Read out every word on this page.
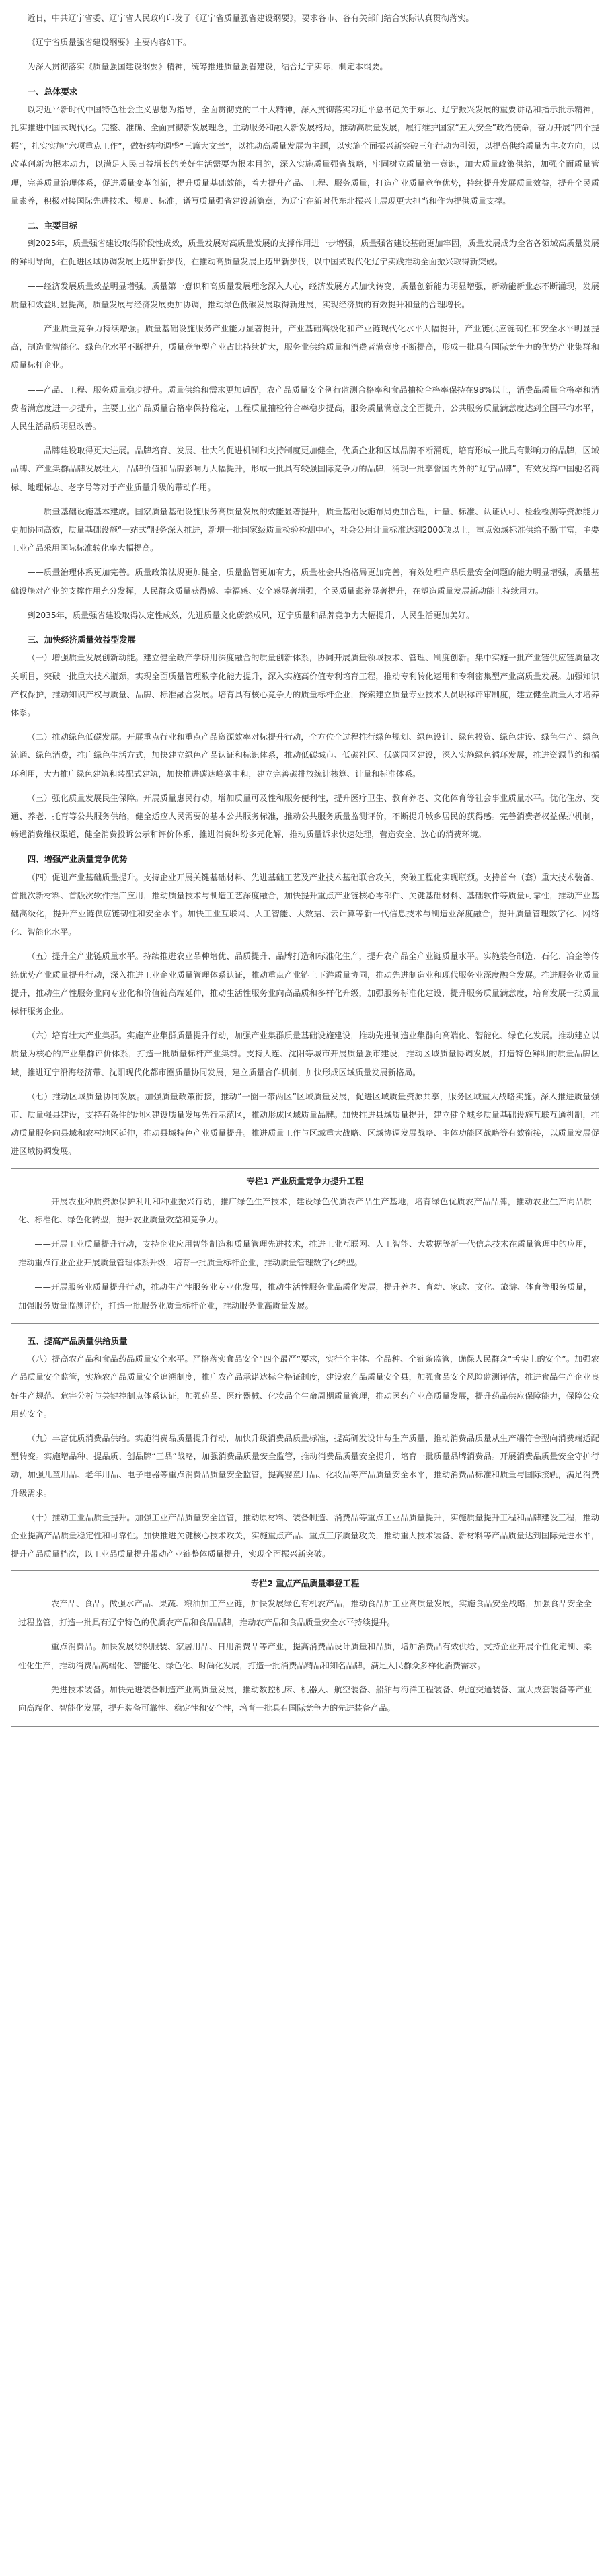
近日，中共辽宁省委、辽宁省人民政府印发了《辽宁省质量强省建设纲要》，要求各市、各有关部门结合实际认真贯彻落实。

《辽宁省质量强省建设纲要》主要内容如下。

为深入贯彻落实《质量强国建设纲要》精神，统筹推进质量强省建设，结合辽宁实际，制定本纲要。

一、总体要求

以习近平新时代中国特色社会主义思想为指导，全面贯彻党的二十大精神，深入贯彻落实习近平总书记关于东北、辽宁振兴发展的重要讲话和指示批示精神，扎实推进中国式现代化。完整、准确、全面贯彻新发展理念，主动服务和融入新发展格局，推动高质量发展，履行维护国家“五大安全”政治使命，奋力开展“四个提振”，扎实实施“六项重点工作”，做好结构调整“三篇大文章”，以推动高质量发展为主题，以实施全面振兴新突破三年行动为引领，以提高供给质量为主攻方向，以改革创新为根本动力，以满足人民日益增长的美好生活需要为根本目的，深入实施质量强省战略，牢固树立质量第一意识，加大质量政策供给，加强全面质量管理，完善质量治理体系，促进质量变革创新，提升质量基础效能，着力提升产品、工程、服务质量，打造产业质量竞争优势，持续提升发展质量效益，提升全民质量素养，积极对接国际先进技术、规则、标准，谱写质量强省建设新篇章，为辽宁在新时代东北振兴上展现更大担当和作为提供质量支撑。

二、主要目标

到2025年，质量强省建设取得阶段性成效，质量发展对高质量发展的支撑作用进一步增强，质量强省建设基础更加牢固，质量发展成为全省各领域高质量发展的鲜明导向，在促进区域协调发展上迈出新步伐，在推动高质量发展上迈出新步伐，以中国式现代化辽宁实践推动全面振兴取得新突破。

——经济发展质量效益明显增强。质量第一意识和高质量发展理念深入人心，经济发展方式加快转变，质量创新能力明显增强，新动能新业态不断涌现，发展质量和效益明显提高，质量发展与经济发展更加协调，推动绿色低碳发展取得新进展，实现经济质的有效提升和量的合理增长。

——产业质量竞争力持续增强。质量基础设施服务产业能力显著提升，产业基础高级化和产业链现代化水平大幅提升，产业链供应链韧性和安全水平明显提高，制造业智能化、绿色化水平不断提升，质量竞争型产业占比持续扩大，服务业供给质量和消费者满意度不断提高，形成一批具有国际竞争力的优势产业集群和质量标杆企业。

——产品、工程、服务质量稳步提升。质量供给和需求更加适配，农产品质量安全例行监测合格率和食品抽检合格率保持在98%以上，消费品质量合格率和消费者满意度进一步提升，主要工业产品质量合格率保持稳定，工程质量抽检符合率稳步提高，服务质量满意度全面提升，公共服务质量满意度达到全国平均水平，人民生活品质明显改善。

——品牌建设取得更大进展。品牌培育、发展、壮大的促进机制和支持制度更加健全，优质企业和区域品牌不断涌现，培育形成一批具有影响力的品牌，区域品牌、产业集群品牌发展壮大，品牌价值和品牌影响力大幅提升，形成一批具有较强国际竞争力的品牌，涌现一批享誉国内外的“辽宁品牌”，有效发挥中国驰名商标、地理标志、老字号等对于产业质量升级的带动作用。

——质量基础设施基本建成。国家质量基础设施服务高质量发展的效能显著提升，质量基础设施布局更加合理，计量、标准、认证认可、检验检测等资源能力更加协同高效，质量基础设施“一站式”服务深入推进，新增一批国家级质量检验检测中心，社会公用计量标准达到2000项以上，重点领域标准供给不断丰富，主要工业产品采用国际标准转化率大幅提高。

——质量治理体系更加完善。质量政策法规更加健全，质量监管更加有力，质量社会共治格局更加完善，有效处理产品质量安全问题的能力明显增强，质量基础设施对产业的支撑作用充分发挥，人民群众质量获得感、幸福感、安全感显著增强，全民质量素养显著提升，在塑造质量发展新动能上持续用力。

到2035年，质量强省建设取得决定性成效，先进质量文化蔚然成风，辽宁质量和品牌竞争力大幅提升，人民生活更加美好。

三、加快经济质量效益型发展

（一）增强质量发展创新动能。建立健全政产学研用深度融合的质量创新体系，协同开展质量领域技术、管理、制度创新。集中实施一批产业链供应链质量攻关项目，突破一批重大技术瓶颈，实现全面质量管理数字化能力提升，深入实施高价值专利培育工程，推动专利转化运用和专利密集型产业高质量发展。加强知识产权保护，推动知识产权与质量、品牌、标准融合发展。培育具有核心竞争力的质量标杆企业，探索建立质量专业技术人员职称评审制度，建立健全质量人才培养体系。

（二）推动绿色低碳发展。开展重点行业和重点产品资源效率对标提升行动，全方位全过程推行绿色规划、绿色设计、绿色投资、绿色建设、绿色生产、绿色流通、绿色消费，推广绿色生活方式，加快建立绿色产品认证和标识体系，推动低碳城市、低碳社区、低碳园区建设，深入实施绿色循环发展，推进资源节约和循环利用，大力推广绿色建筑和装配式建筑，加快推进碳达峰碳中和，建立完善碳排放统计核算、计量和标准体系。

（三）强化质量发展民生保障。开展质量惠民行动，增加质量可及性和服务便利性，提升医疗卫生、教育养老、文化体育等社会事业质量水平。优化住房、交通、养老、托育等公共服务供给，健全适应人民需要的基本公共服务标准，推动公共服务质量监测评价，不断提升城乡居民的获得感。完善消费者权益保护机制，畅通消费维权渠道，健全消费投诉公示和评价体系，推进消费纠纷多元化解，推动质量诉求快速处理，营造安全、放心的消费环境。

四、增强产业质量竞争优势

（四）促进产业基础质量提升。支持企业开展关键基础材料、先进基础工艺及产业技术基础联合攻关，突破工程化实现瓶颈。支持首台（套）重大技术装备、首批次新材料、首版次软件推广应用，推动质量技术与制造工艺深度融合，加快提升重点产业链核心零部件、关键基础材料、基础软件等质量可靠性，推动产业基础高级化，提升产业链供应链韧性和安全水平。加快工业互联网、人工智能、大数据、云计算等新一代信息技术与制造业深度融合，提升质量管理数字化、网络化、智能化水平。

（五）提升全产业链质量水平。持续推进农业品种培优、品质提升、品牌打造和标准化生产，提升农产品全产业链质量水平。实施装备制造、石化、冶金等传统优势产业质量提升行动，深入推进工业企业质量管理体系认证，推动重点产业链上下游质量协同，推动先进制造业和现代服务业深度融合发展。推进服务业质量提升，推动生产性服务业向专业化和价值链高端延伸，推动生活性服务业向高品质和多样化升级，加强服务标准化建设，提升服务质量满意度，培育发展一批质量标杆服务企业。

（六）培育壮大产业集群。实施产业集群质量提升行动，加强产业集群质量基础设施建设，推动先进制造业集群向高端化、智能化、绿色化发展。推动建立以质量为核心的产业集群评价体系，打造一批质量标杆产业集群。支持大连、沈阳等城市开展质量强市建设，推动区域质量协调发展，打造特色鲜明的质量品牌区域，推进辽宁沿海经济带、沈阳现代化都市圈质量协同发展，建立质量合作机制，加快形成区域质量发展新格局。

（七）推动区域质量协同发展。加强质量政策衔接，推动“一圈一带两区”区域质量发展，促进区域质量资源共享，服务区域重大战略实施。深入推进质量强市、质量强县建设，支持有条件的地区建设质量发展先行示范区，推动形成区域质量品牌。加快推进县域质量提升，建立健全城乡质量基础设施互联互通机制，推动质量服务向县域和农村地区延伸，推动县域特色产业质量提升。推进质量工作与区域重大战略、区域协调发展战略、主体功能区战略等有效衔接，以质量发展促进区域协调发展。

专栏1 产业质量竞争力提升工程

——开展农业种质资源保护利用和种业振兴行动，推广绿色生产技术，建设绿色优质农产品生产基地，培育绿色优质农产品品牌，推动农业生产向品质化、标准化、绿色化转型，提升农业质量效益和竞争力。

——开展工业质量提升行动，支持企业应用智能制造和质量管理先进技术，推进工业互联网、人工智能、大数据等新一代信息技术在质量管理中的应用，推动重点行业企业开展质量管理体系升级，培育一批质量标杆企业，推动质量管理数字化转型。

——开展服务业质量提升行动，推动生产性服务业专业化发展，推动生活性服务业品质化发展，提升养老、育幼、家政、文化、旅游、体育等服务质量，加强服务质量监测评价，打造一批服务业质量标杆企业，推动服务业高质量发展。

五、提高产品质量供给质量

（八）提高农产品和食品药品质量安全水平。严格落实食品安全“四个最严”要求，实行全主体、全品种、全链条监管，确保人民群众“舌尖上的安全”。加强农产品质量安全监管，实施农产品质量安全追溯制度，推广农产品承诺达标合格证制度，建设农产品质量安全县，加强食品安全风险监测评估，推进食品生产企业良好生产规范、危害分析与关键控制点体系认证，加强药品、医疗器械、化妆品全生命周期质量管理，推动医药产业高质量发展，提升药品供应保障能力，保障公众用药安全。

（九）丰富优质消费品供给。实施消费品质量提升行动，加快升级消费品质量标准，提高研发设计与生产质量，推动消费品质量从生产端符合型向消费端适配型转变。实施增品种、提品质、创品牌“三品”战略，加强消费品质量安全监管，推动消费品质量安全提升，培育一批质量品牌消费品。开展消费品质量安全守护行动，加强儿童用品、老年用品、电子电器等重点消费品质量安全监管，提高婴童用品、化妆品等产品质量安全水平，推动消费品标准和质量与国际接轨，满足消费升级需求。

（十）推动工业品质量提升。加强工业产品质量安全监管，推动原材料、装备制造、消费品等重点工业品质量提升，实施质量提升工程和品牌建设工程，推动企业提高产品质量稳定性和可靠性。加快推进关键核心技术攻关，实施重点产品、重点工序质量攻关，推动重大技术装备、新材料等产品质量达到国际先进水平，提升产品质量档次，以工业品质量提升带动产业链整体质量提升，实现全面振兴新突破。

专栏2 重点产品质量攀登工程

——农产品、食品。做强水产品、果蔬、粮油加工产业链，加快发展绿色有机农产品，推动食品加工业高质量发展，实施食品安全战略，加强食品安全全过程监管，打造一批具有辽宁特色的优质农产品和食品品牌，推动农产品和食品质量安全水平持续提升。

——重点消费品。加快发展纺织服装、家居用品、日用消费品等产业，提高消费品设计质量和品质，增加消费品有效供给，支持企业开展个性化定制、柔性化生产，推动消费品高端化、智能化、绿色化、时尚化发展，打造一批消费品精品和知名品牌，满足人民群众多样化消费需求。

——先进技术装备。加快先进装备制造产业高质量发展，推动数控机床、机器人、航空装备、船舶与海洋工程装备、轨道交通装备、重大成套装备等产业向高端化、智能化发展，提升装备可靠性、稳定性和安全性，培育一批具有国际竞争力的先进装备产品。
